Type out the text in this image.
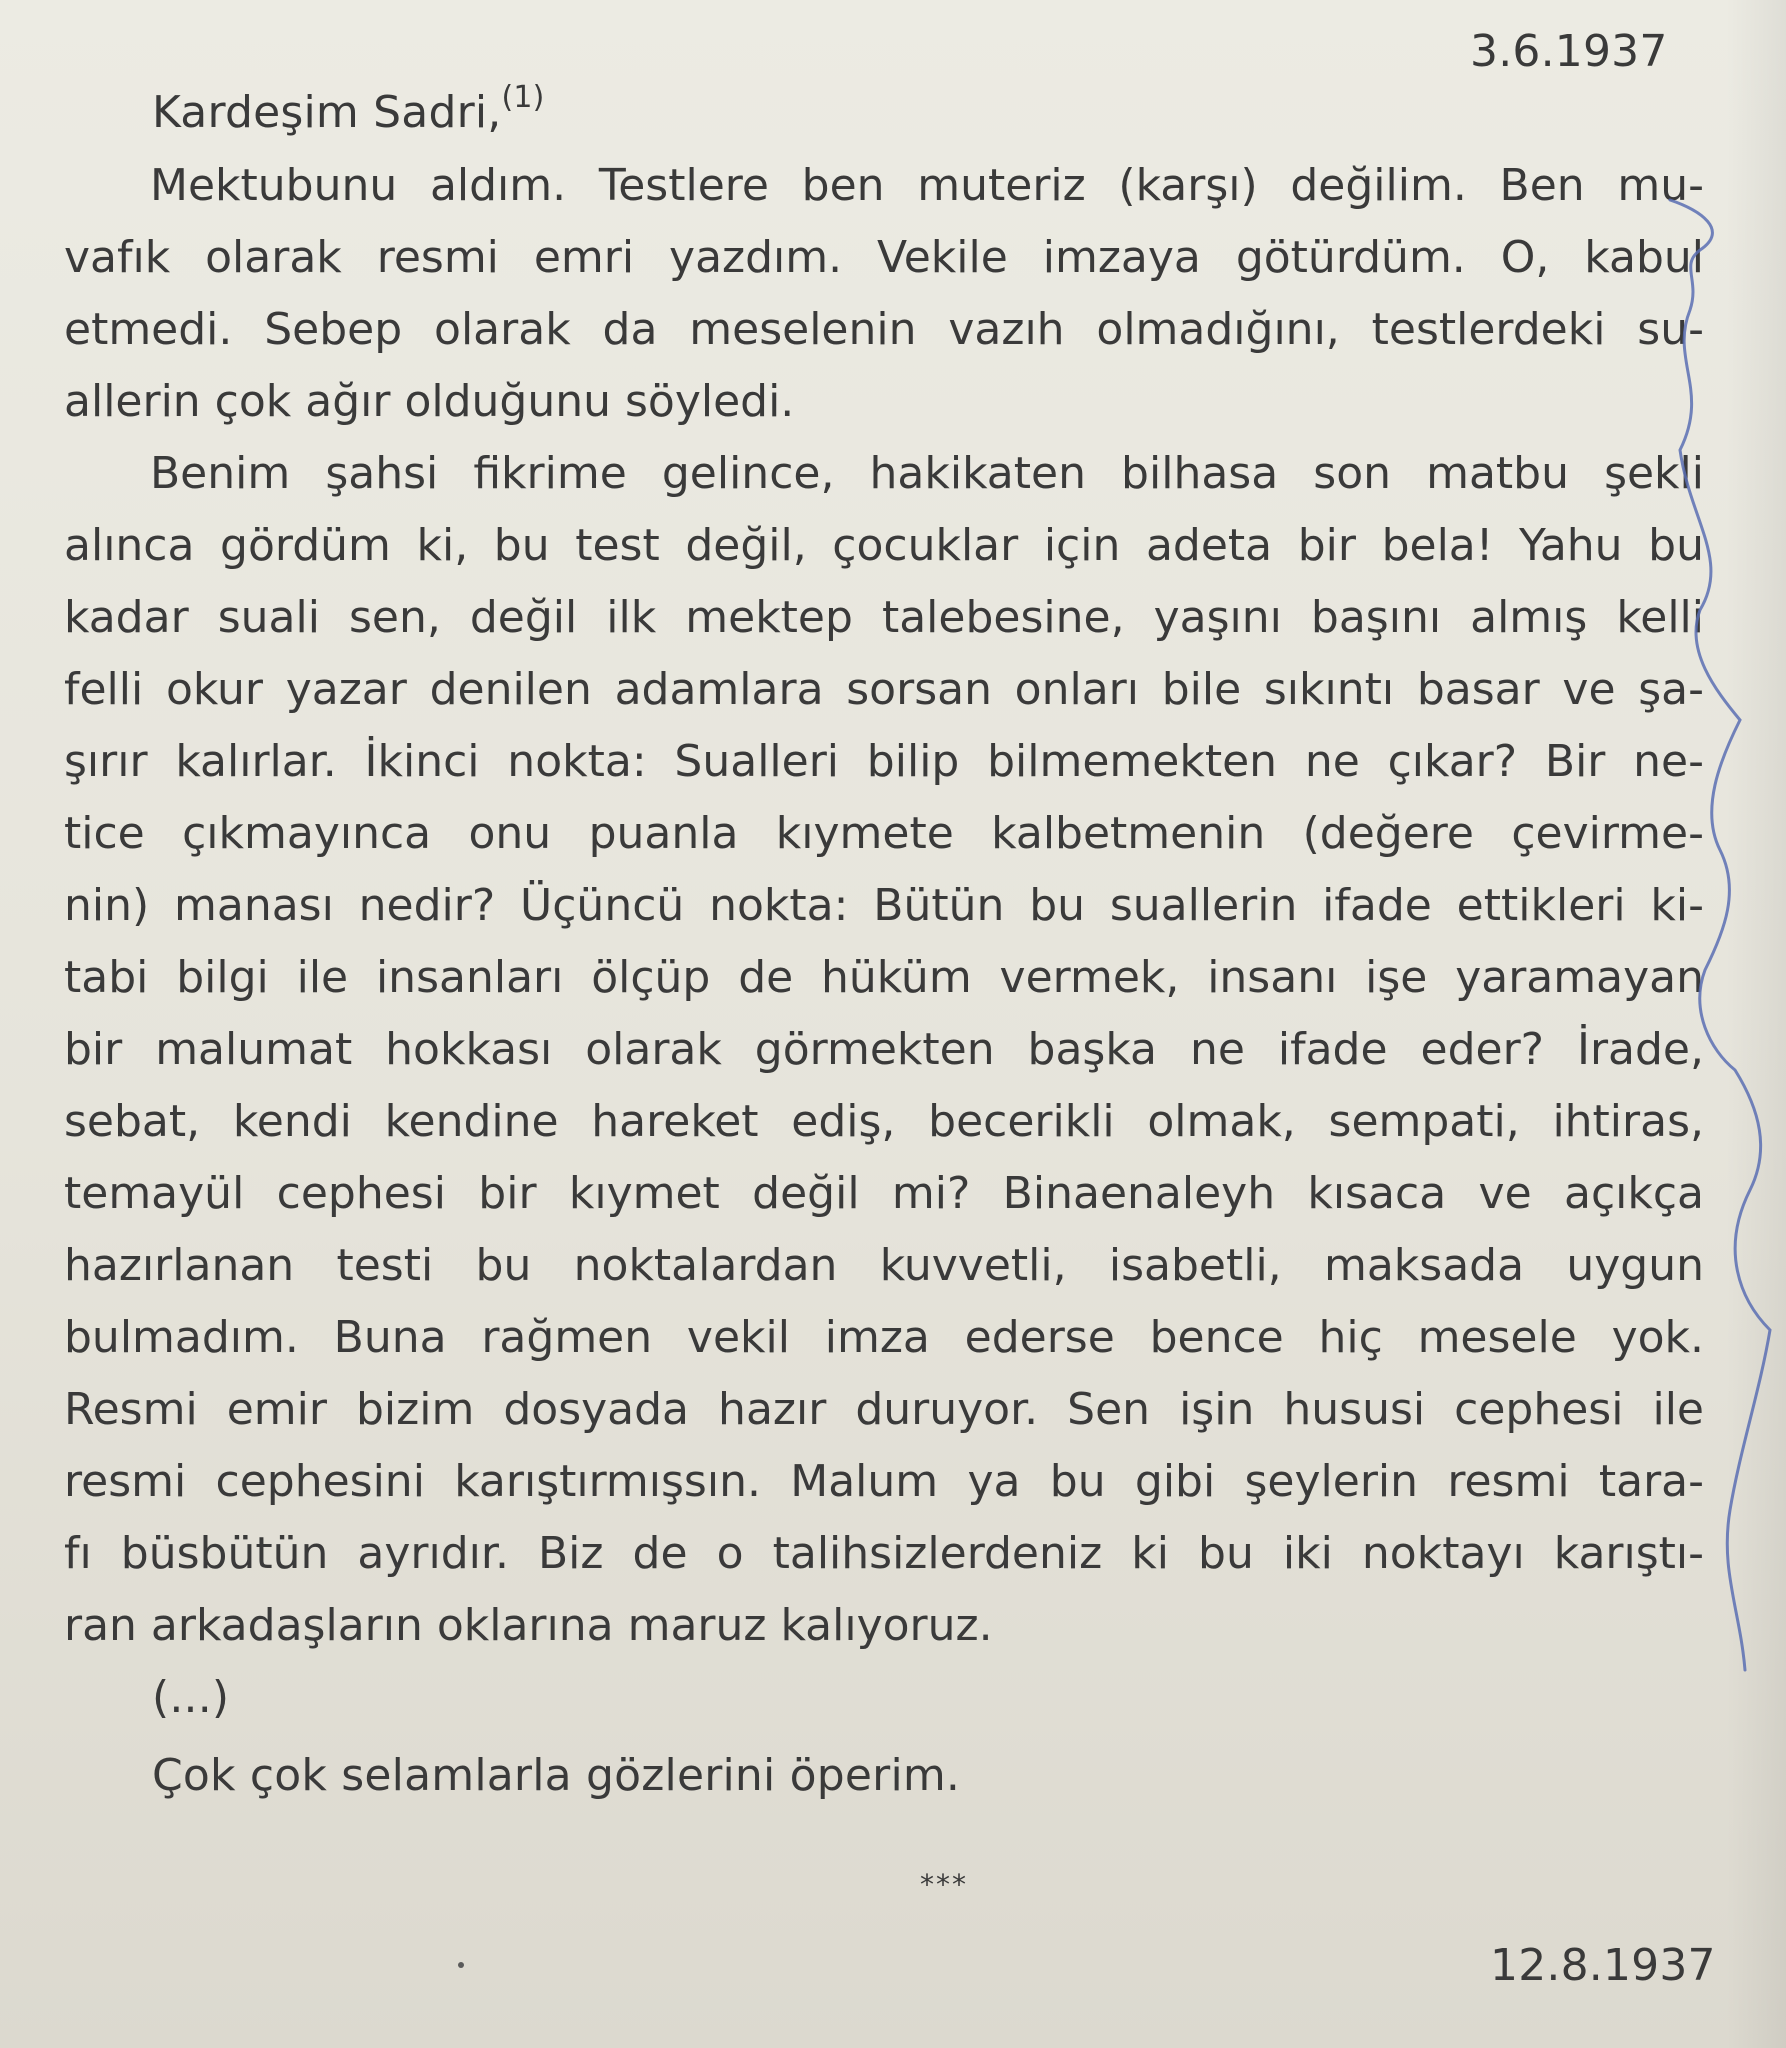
3.6.1937
Kardeşim Sadri,$^{(1)}$
Mektubunu aldım. Testlere ben muteriz (karşı) değilim. Ben mu-
vafık olarak resmi emri yazdım. Vekile imzaya götürdüm. O, kabul
etmedi. Sebep olarak da meselenin vazıh olmadığını, testlerdeki su-
allerin çok ağır olduğunu söyledi.
Benim şahsi fikrime gelince, hakikaten bilhasa son matbu şekli
alınca gördüm ki, bu test değil, çocuklar için adeta bir bela! Yahu bu
kadar suali sen, değil ilk mektep talebesine, yaşını başını almış kelli
felli okur yazar denilen adamlara sorsan onları bile sıkıntı basar ve şa-
şırır kalırlar. İkinci nokta: Sualleri bilip bilmemekten ne çıkar? Bir ne-
tice çıkmayınca onu puanla kıymete kalbetmenin (değere çevirme-
nin) manası nedir? Üçüncü nokta: Bütün bu suallerin ifade ettikleri ki-
tabi bilgi ile insanları ölçüp de hüküm vermek, insanı işe yaramayan
bir malumat hokkası olarak görmekten başka ne ifade eder? İrade,
sebat, kendi kendine hareket ediş, becerikli olmak, sempati, ihtiras,
temayül cephesi bir kıymet değil mi? Binaenaleyh kısaca ve açıkça
hazırlanan testi bu noktalardan kuvvetli, isabetli, maksada uygun
bulmadım. Buna rağmen vekil imza ederse bence hiç mesele yok.
Resmi emir bizim dosyada hazır duruyor. Sen işin hususi cephesi ile
resmi cephesini karıştırmışsın. Malum ya bu gibi şeylerin resmi tara-
fı büsbütün ayrıdır. Biz de o talihsizlerdeniz ki bu iki noktayı karıştı-
ran arkadaşların oklarına maruz kalıyoruz.
(...)
Çok çok selamlarla gözlerini öperim.
***
12.8.1937
